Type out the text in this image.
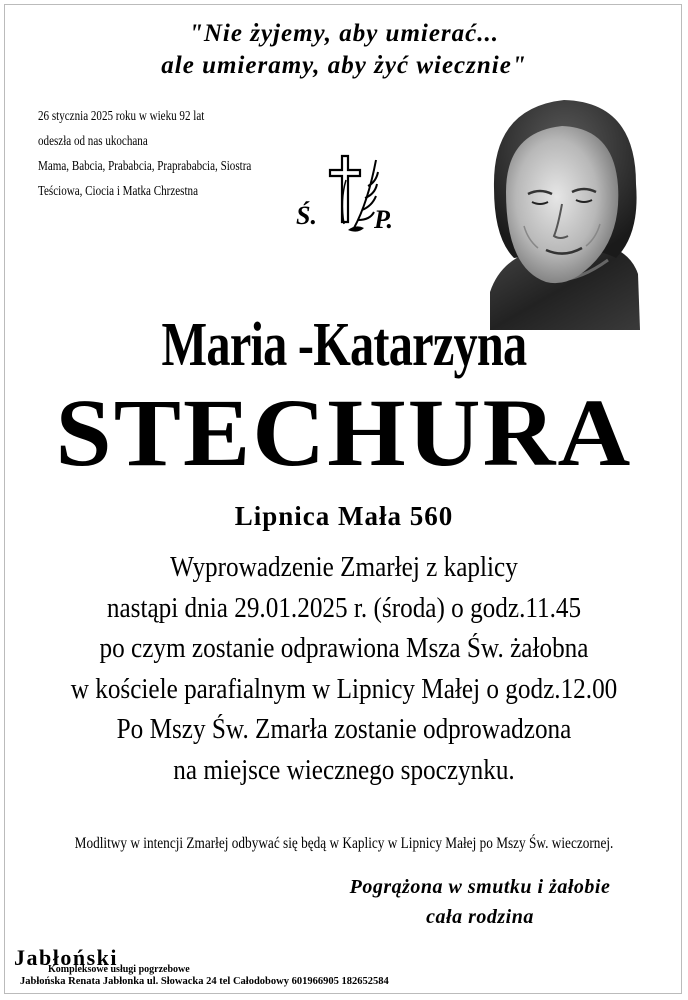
"Nie żyjemy, aby umierać...
ale umieramy, aby żyć wiecznie"
26 stycznia 2025 roku w wieku 92 lat
odeszła od nas ukochana
Mama, Babcia, Prababcia, Praprababcia, Siostra
Teściowa, Ciocia i Matka Chrzestna
Ś. P.
Maria -Katarzyna
STECHURA
Lipnica Mała 560
Wyprowadzenie Zmarłej z kaplicy
nastąpi dnia 29.01.2025 r. (środa) o godz.11.45
po czym zostanie odprawiona Msza Św. żałobna
w kościele parafialnym w Lipnicy Małej o godz.12.00
Po Mszy Św. Zmarła zostanie odprowadzona
na miejsce wiecznego spoczynku.
Modlitwy w intencji Zmarłej odbywać się będą w Kaplicy w Lipnicy Małej po Mszy Św. wieczornej.
Pogrążona w smutku i żałobie
cała rodzina
Jabłoński
Kompleksowe usługi pogrzebowe
Jabłońska Renata Jabłonka ul. Słowacka 24 tel Całodobowy 601966905 182652584
